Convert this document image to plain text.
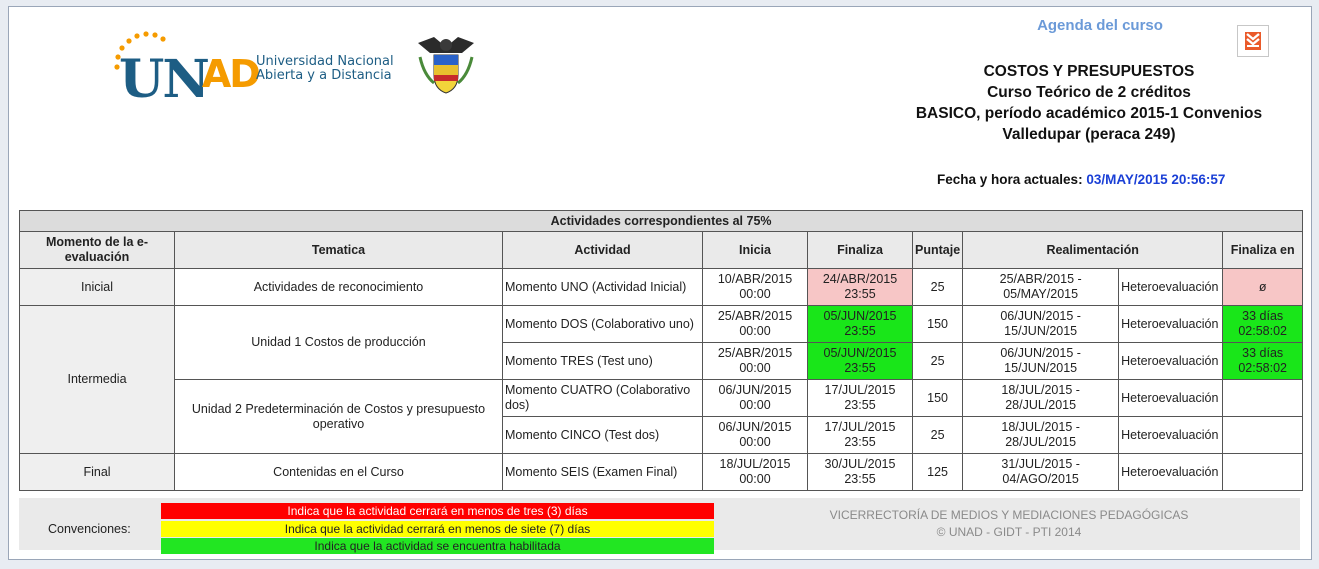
UNAD
Universidad Nacional
Abierta y a Distancia
Agenda del curso
COSTOS Y PRESUPUESTOS
Curso Teórico de 2 créditos
BASICO, período académico 2015-1 Convenios
Valledupar (peraca 249)
Fecha y hora actuales: 03/MAY/2015 20:56:57
Actividades correspondientes al 75%								
Momento de la e-evaluación	Tematica	Actividad	Inicia	Finaliza	Puntaje	Realimentación		Finaliza en
Inicial	Actividades de reconocimiento	Momento UNO (Actividad Inicial)	10/ABR/2015 00:00	24/ABR/2015 23:55	25	25/ABR/2015 - 05/MAY/2015	Heteroevaluación	ø
Intermedia	Unidad 1 Costos de producción	Momento DOS (Colaborativo uno)	25/ABR/2015 00:00	05/JUN/2015 23:55	150	06/JUN/2015 - 15/JUN/2015	Heteroevaluación	33 días 02:58:02
		Momento TRES (Test uno)	25/ABR/2015 00:00	05/JUN/2015 23:55	25	06/JUN/2015 - 15/JUN/2015	Heteroevaluación	33 días 02:58:02
	Unidad 2 Predeterminación de Costos y presupuesto operativo	Momento CUATRO (Colaborativo dos)	06/JUN/2015 00:00	17/JUL/2015 23:55	150	18/JUL/2015 - 28/JUL/2015	Heteroevaluación	
		Momento CINCO (Test dos)	06/JUN/2015 00:00	17/JUL/2015 23:55	25	18/JUL/2015 - 28/JUL/2015	Heteroevaluación	
Final	Contenidas en el Curso	Momento SEIS (Examen Final)	18/JUL/2015 00:00	30/JUL/2015 23:55	125	31/JUL/2015 - 04/AGO/2015	Heteroevaluación	
Convenciones:
Indica que la actividad cerrará en menos de tres (3) días
Indica que la actividad cerrará en menos de siete (7) días
Indica que la actividad se encuentra habilitada
VICERRECTORÍA DE MEDIOS Y MEDIACIONES PEDAGÓGICAS
© UNAD - GIDT - PTI 2014
